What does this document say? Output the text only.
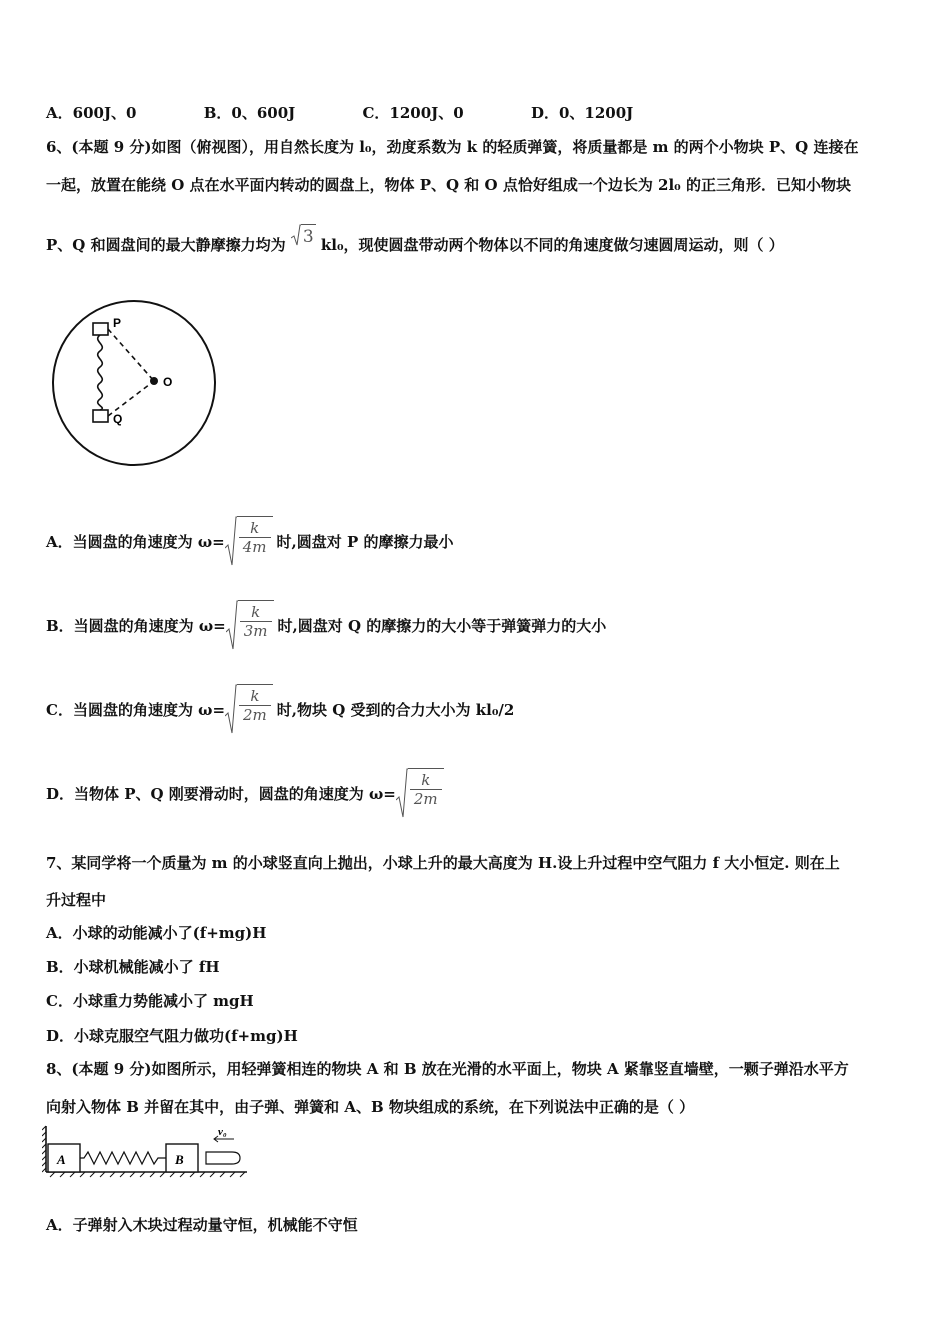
A．600J、0	B．0、600J	C．1200J、0	D．0、1200J
6、(本题 9 分)如图（俯视图），用自然长度为 l₀，劲度系数为 k 的轻质弹簧，将质量都是 m 的两个小物块 P、Q 连接在
一起，放置在能绕 O 点在水平面内转动的圆盘上，物体 P、Q 和 O 点恰好组成一个边长为 2l₀ 的正三角形．已知小物块
P、Q 和圆盘间的最大静摩擦力均为 3 kl₀，现使圆盘带动两个物体以不同的角速度做匀速圆周运动，则（ ）
P
Q
O
A．当圆盘的角速度为 $\omega= \frac{k}{4m}$ 时,圆盘对 P 的摩擦力最小
B．当圆盘的角速度为 $\omega= \frac{k}{3m}$ 时,圆盘对 Q 的摩擦力的大小等于弹簧弹力的大小
C．当圆盘的角速度为 $\omega= \frac{k}{2m}$ 时,物块 Q 受到的合力大小为 kl₀/2
D．当物体 P、Q 刚要滑动时，圆盘的角速度为 $\omega= \frac{k}{2m}$
7、某同学将一个质量为 m 的小球竖直向上抛出，小球上升的最大高度为 H.设上升过程中空气阻力 f 大小恒定. 则在上
升过程中
A．小球的动能减小了(f+mg)H
B．小球机械能减小了 fH
C．小球重力势能减小了 mgH
D．小球克服空气阻力做功(f+mg)H
8、(本题 9 分)如图所示，用轻弹簧相连的物块 A 和 B 放在光滑的水平面上，物块 A 紧靠竖直墙壁，一颗子弹沿水平方
向射入物体 B 并留在其中，由子弹、弹簧和 A、B 物块组成的系统，在下列说法中正确的是（ ）
A	B
v₀
A．子弹射入木块过程动量守恒，机械能不守恒
